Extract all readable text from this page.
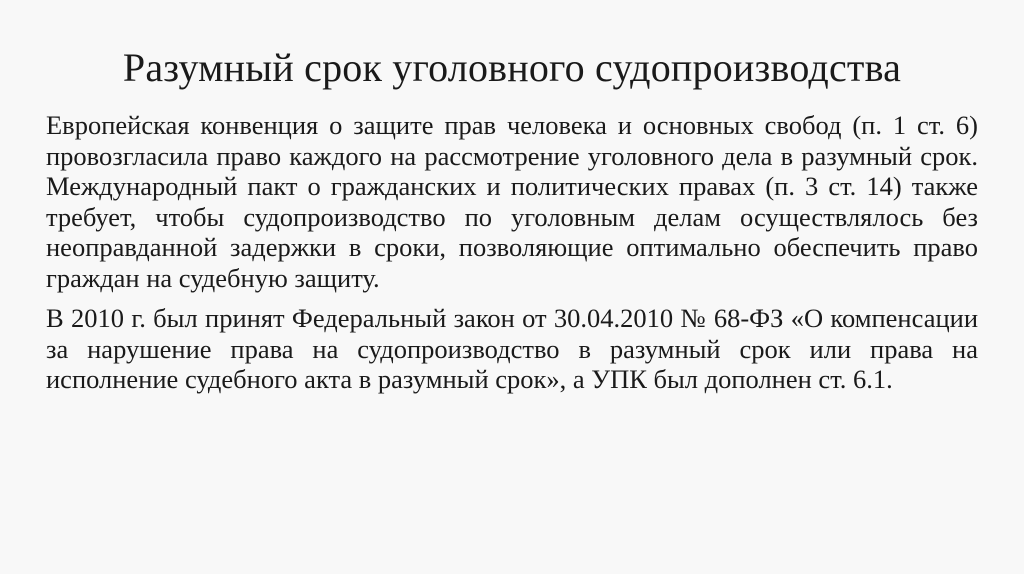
Разумный срок уголовного судопроизводства

Европейская конвенция о защите прав человека и основных свобод (п. 1 ст. 6) провозгласила право каждого на рассмотрение уголовного дела в разумный срок. Международный пакт о гражданских и политических правах (п. 3 ст. 14) также требует, чтобы судопроизводство по уголовным делам осуществлялось без неоправданной задержки в сроки, позволяющие оптимально обеспечить право граждан на судебную защиту.

В 2010 г. был принят Федеральный закон от 30.04.2010 № 68-ФЗ «О компенсации за нарушение права на судопроизводство в разумный срок или права на исполнение судебного акта в разумный срок», а УПК был дополнен ст. 6.1.
